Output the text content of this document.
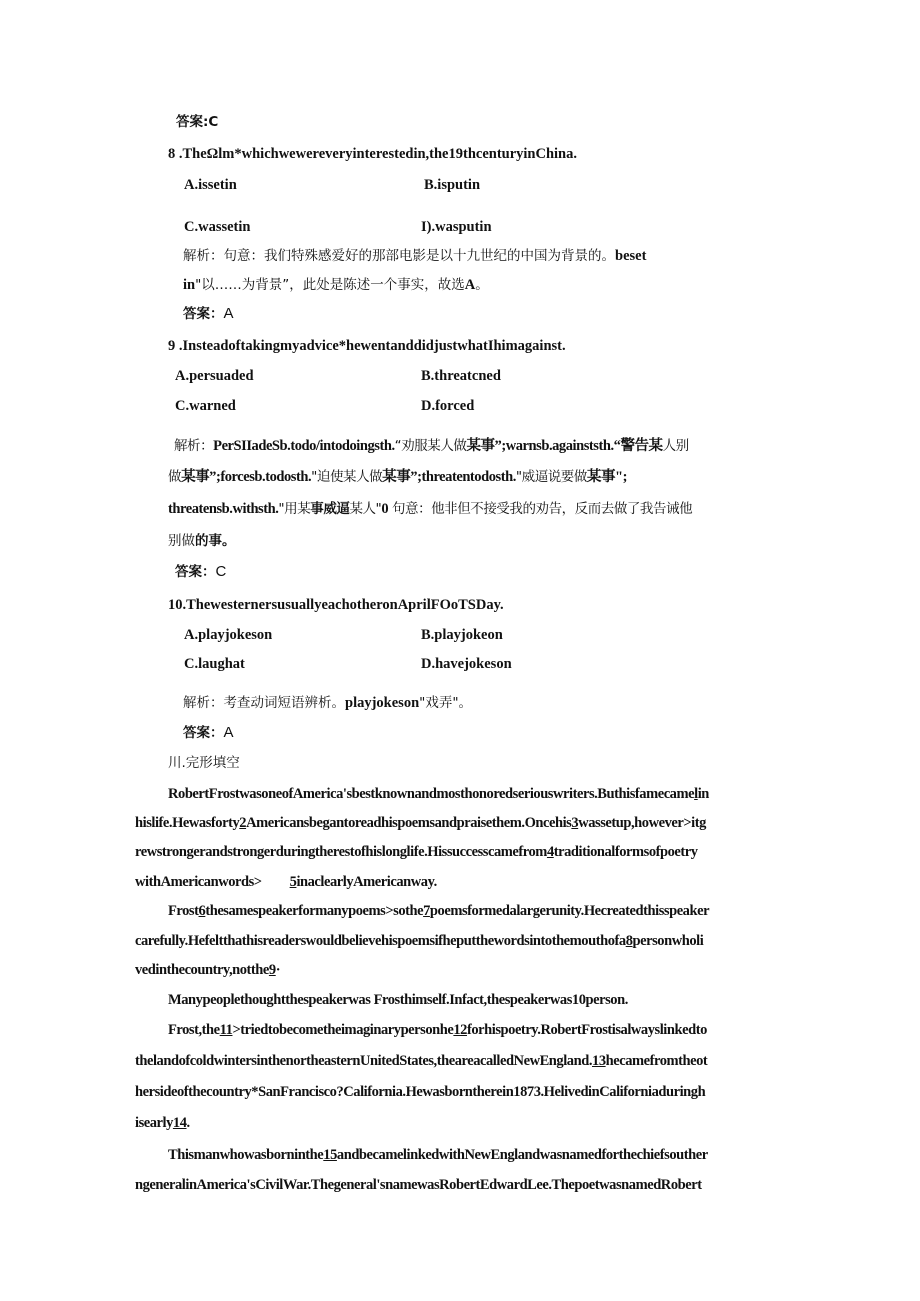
答案:C
8 .TheΩlm*whichwewereveryinterestedin,the19thcenturyinChina.
A.issetin	B.isputin
C.wassetin	I).wasputin
解析：句意：我们特殊感爱好的那部电影是以十九世纪的中国为背景的。beset
in"以……为背景”，此处是陈述一个事实，故选A。
答案：A
9 .Insteadoftakingmyadvice*hewentanddidjustwhatIhimagainst.
A.persuaded	B.threatcned
C.warned	D.forced
解析：PerSIIadeSb.todo/intodoingsth.“劝服某人做某事”;warnsb.againststh.“警告某人别
做某事”;forcesb.todosth."迫使某人做某事”;threatentodosth."威逼说要做某事";
threatensb.withsth."用某事威逼某人"0 句意：他非但不接受我的劝告，反而去做了我告诫他
别做的事。
答案：C
10.ThewesternersusuallyeachotheronAprilFOoTSDay.
A.playjokeson	B.playjokeon
C.laughat	D.havejokeson
解析：考查动词短语辨析。playjokeson"戏弄"。
答案：A
川.完形填空
RobertFrostwasoneofAmerica'sbestknownandmosthonoredseriouswriters.Buthisfamecamelin
hislife.Hewasforty2Americansbegantoreadhispoemsandpraisethem.Oncehis3wassetup,however>itg
rewstrongerandstrongerduringtherestofhislonglife.Hissuccesscamefrom4traditionalformsofpoetry
withAmericanwords> 5inaclearlyAmericanway.
Frost6thesamespeakerformanypoems>sothe7poemsformedalargerunity.Hecreatedthisspeaker
carefully.Hefeltthathisreaderswouldbelievehispoemsifheputthewordsintothemouthofa8personwholi
vedinthecountry,notthe9·
Manypeoplethoughtthespeakerwas Frosthimself.Infact,thespeakerwas10person.
Frost,the11>triedtobecometheimaginarypersonhe12forhispoetry.RobertFrostisalwayslinkedto
thelandofcoldwintersinthenortheasternUnitedStates,theareacalledNewEngland.13hecamefromtheot
hersideofthecountry*SanFrancisco?California.Hewasborntherein1873.HelivedinCaliforniaduringh
isearly14.
Thismanwhowasborninthe15andbecamelinkedwithNewEnglandwasnamedforthechiefsouther
ngeneralinAmerica'sCivilWar.Thegeneral'snamewasRobertEdwardLee.ThepoetwasnamedRobert
